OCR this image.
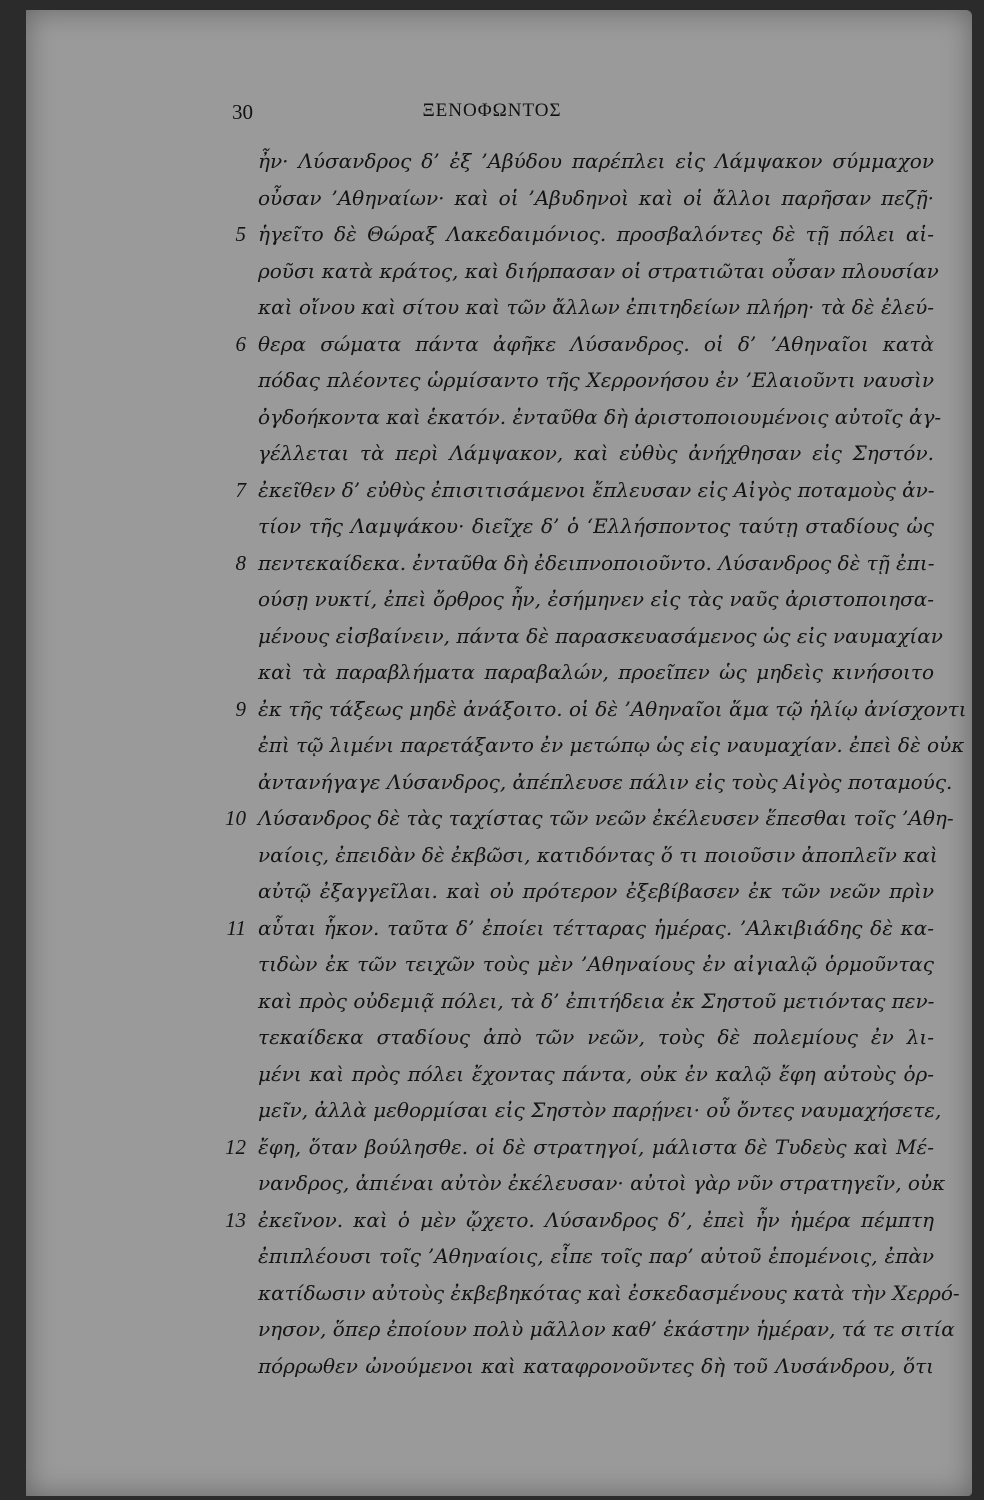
30	ΞΕΝΟΦΩΝΤΟΣ
ἦν· Λύσανδρος δ’ ἐξ ’Αβύδου παρέπλει εἰς Λάμψακον σύμμαχον
οὖσαν ’Αθηναίων· καὶ οἱ ’Αβυδηνοὶ καὶ οἱ ἄλλοι παρῆσαν πεζῇ·
5 ἡγεῖτο δὲ Θώραξ Λακεδαιμόνιος. προσβαλόντες δὲ τῇ πόλει αἱ-
ροῦσι κατὰ κράτος, καὶ διήρπασαν οἱ στρατιῶται οὖσαν πλουσίαν
καὶ οἴνου καὶ σίτου καὶ τῶν ἄλλων ἐπιτηδείων πλήρη· τὰ δὲ ἐλεύ-
6 θερα σώματα πάντα ἀφῆκε Λύσανδρος. οἱ δ’ ’Αθηναῖοι κατὰ
πόδας πλέοντες ὡρμίσαντο τῆς Χερρονήσου ἐν ’Ελαιοῦντι ναυσὶν
ὀγδοήκοντα καὶ ἑκατόν. ἐνταῦθα δὴ ἀριστοποιουμένοις αὐτοῖς ἀγ-
γέλλεται τὰ περὶ Λάμψακον, καὶ εὐθὺς ἀνήχθησαν εἰς Σηστόν.
7 ἐκεῖθεν δ’ εὐθὺς ἐπισιτισάμενοι ἔπλευσαν εἰς Αἰγὸς ποταμοὺς ἀν-
τίον τῆς Λαμψάκου· διεῖχε δ’ ὁ ‘Ελλήσποντος ταύτῃ σταδίους ὡς
8 πεντεκαίδεκα. ἐνταῦθα δὴ ἐδειπνοποιοῦντο. Λύσανδρος δὲ τῇ ἐπι-
ούσῃ νυκτί, ἐπεὶ ὄρθρος ἦν, ἐσήμηνεν εἰς τὰς ναῦς ἀριστοποιησα-
μένους εἰσβαίνειν, πάντα δὲ παρασκευασάμενος ὡς εἰς ναυμαχίαν
καὶ τὰ παραβλήματα παραβαλών, προεῖπεν ὡς μηδεὶς κινήσοιτο
9 ἐκ τῆς τάξεως μηδὲ ἀνάξοιτο. οἱ δὲ ’Αθηναῖοι ἅμα τῷ ἡλίῳ ἀνίσχοντι
ἐπὶ τῷ λιμένι παρετάξαντο ἐν μετώπῳ ὡς εἰς ναυμαχίαν. ἐπεὶ δὲ οὐκ
ἀντανήγαγε Λύσανδρος, ἀπέπλευσε πάλιν εἰς τοὺς Αἰγὸς ποταμούς.
10 Λύσανδρος δὲ τὰς ταχίστας τῶν νεῶν ἐκέλευσεν ἕπεσθαι τοῖς ’Αθη-
ναίοις, ἐπειδὰν δὲ ἐκβῶσι, κατιδόντας ὅ τι ποιοῦσιν ἀποπλεῖν καὶ
αὐτῷ ἐξαγγεῖλαι. καὶ οὐ πρότερον ἐξεβίβασεν ἐκ τῶν νεῶν πρὶν
11 αὗται ἧκον. ταῦτα δ’ ἐποίει τέτταρας ἡμέρας. ’Αλκιβιάδης δὲ κα-
τιδὼν ἐκ τῶν τειχῶν τοὺς μὲν ’Αθηναίους ἐν αἰγιαλῷ ὁρμοῦντας
καὶ πρὸς οὐδεμιᾷ πόλει, τὰ δ’ ἐπιτήδεια ἐκ Σηστοῦ μετιόντας πεν-
τεκαίδεκα σταδίους ἀπὸ τῶν νεῶν, τοὺς δὲ πολεμίους ἐν λι-
μένι καὶ πρὸς πόλει ἔχοντας πάντα, οὐκ ἐν καλῷ ἔφη αὐτοὺς ὁρ-
μεῖν, ἀλλὰ μεθορμίσαι εἰς Σηστὸν παρῄνει· οὗ ὄντες ναυμαχήσετε,
12 ἔφη, ὅταν βούλησθε. οἱ δὲ στρατηγοί, μάλιστα δὲ Τυδεὺς καὶ Μέ-
νανδρος, ἀπιέναι αὐτὸν ἐκέλευσαν· αὐτοὶ γὰρ νῦν στρατηγεῖν, οὐκ
13 ἐκεῖνον. καὶ ὁ μὲν ᾤχετο. Λύσανδρος δ’, ἐπεὶ ἦν ἡμέρα πέμπτη
ἐπιπλέουσι τοῖς ’Αθηναίοις, εἶπε τοῖς παρ’ αὐτοῦ ἑπομένοις, ἐπὰν
κατίδωσιν αὐτοὺς ἐκβεβηκότας καὶ ἐσκεδασμένους κατὰ τὴν Χερρό-
νησον, ὅπερ ἐποίουν πολὺ μᾶλλον καθ’ ἑκάστην ἡμέραν, τά τε σιτία
πόρρωθεν ὠνούμενοι καὶ καταφρονοῦντες δὴ τοῦ Λυσάνδρου, ὅτι
